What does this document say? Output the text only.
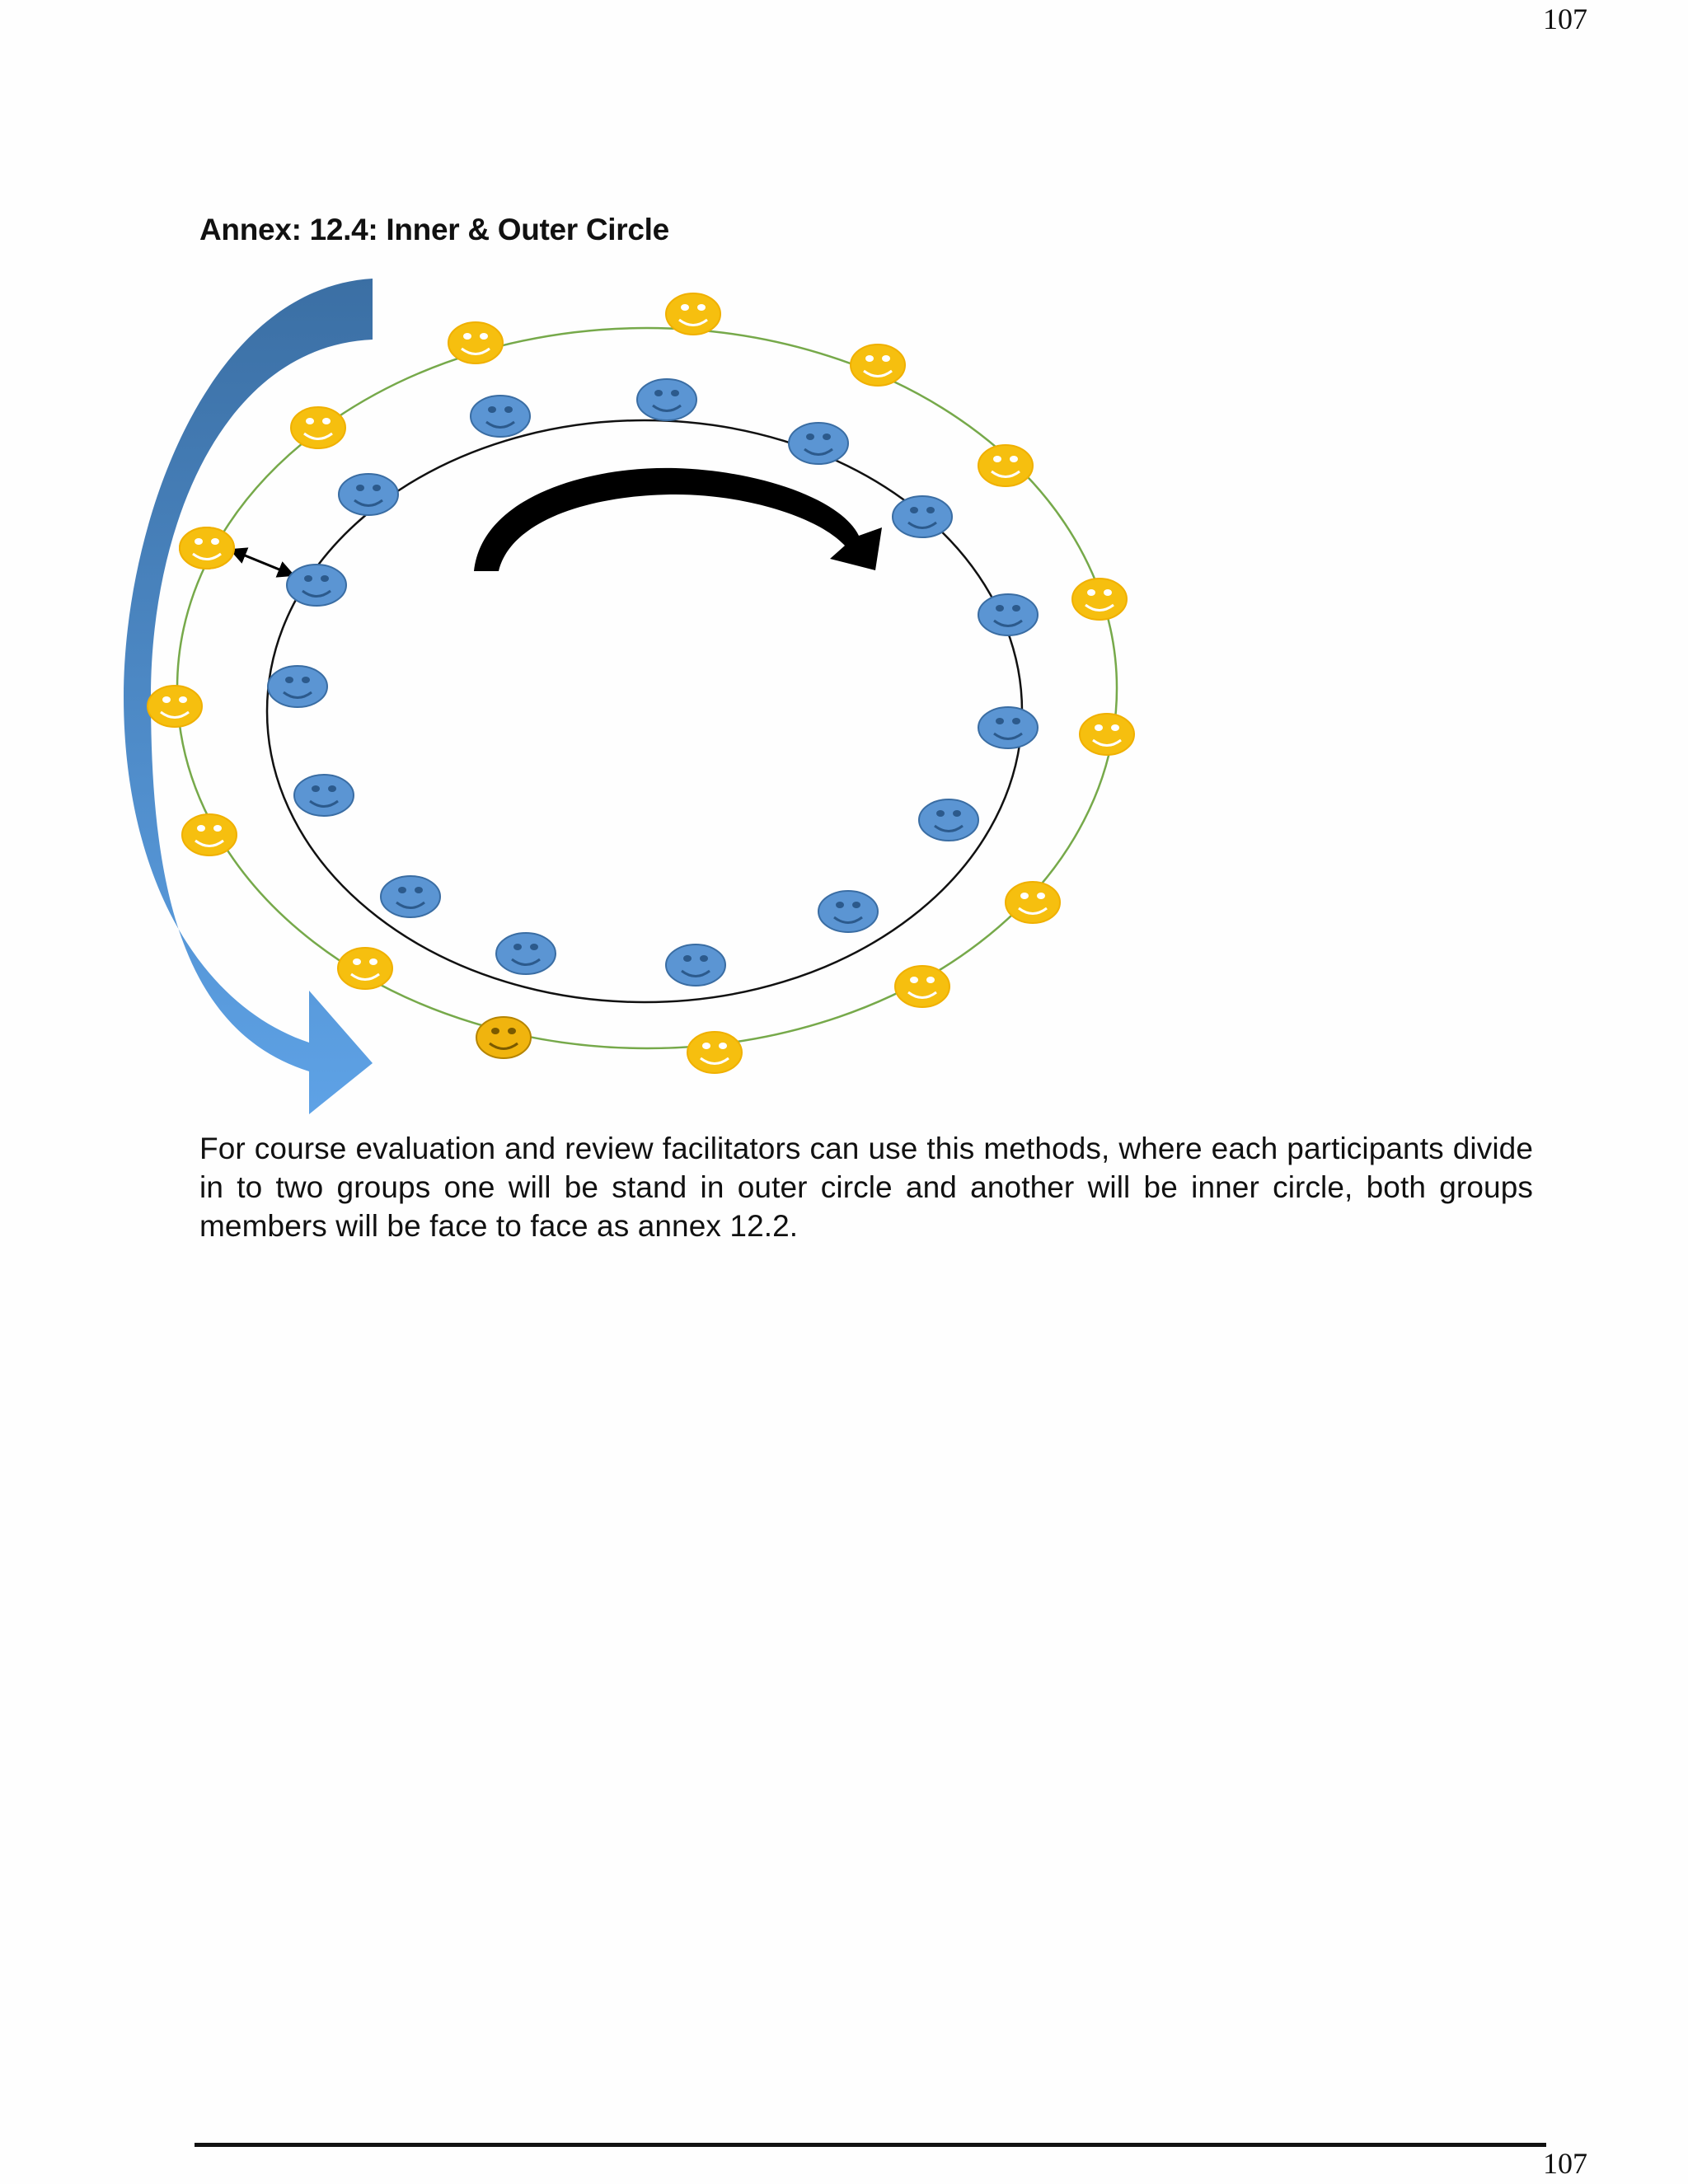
107
Annex: 12.4: Inner & Outer Circle
For course evaluation and review facilitators can use this methods, where each participants divide in to two groups one will be stand in outer circle and another will be inner circle, both groups members will be face to face as annex 12.2.
107
